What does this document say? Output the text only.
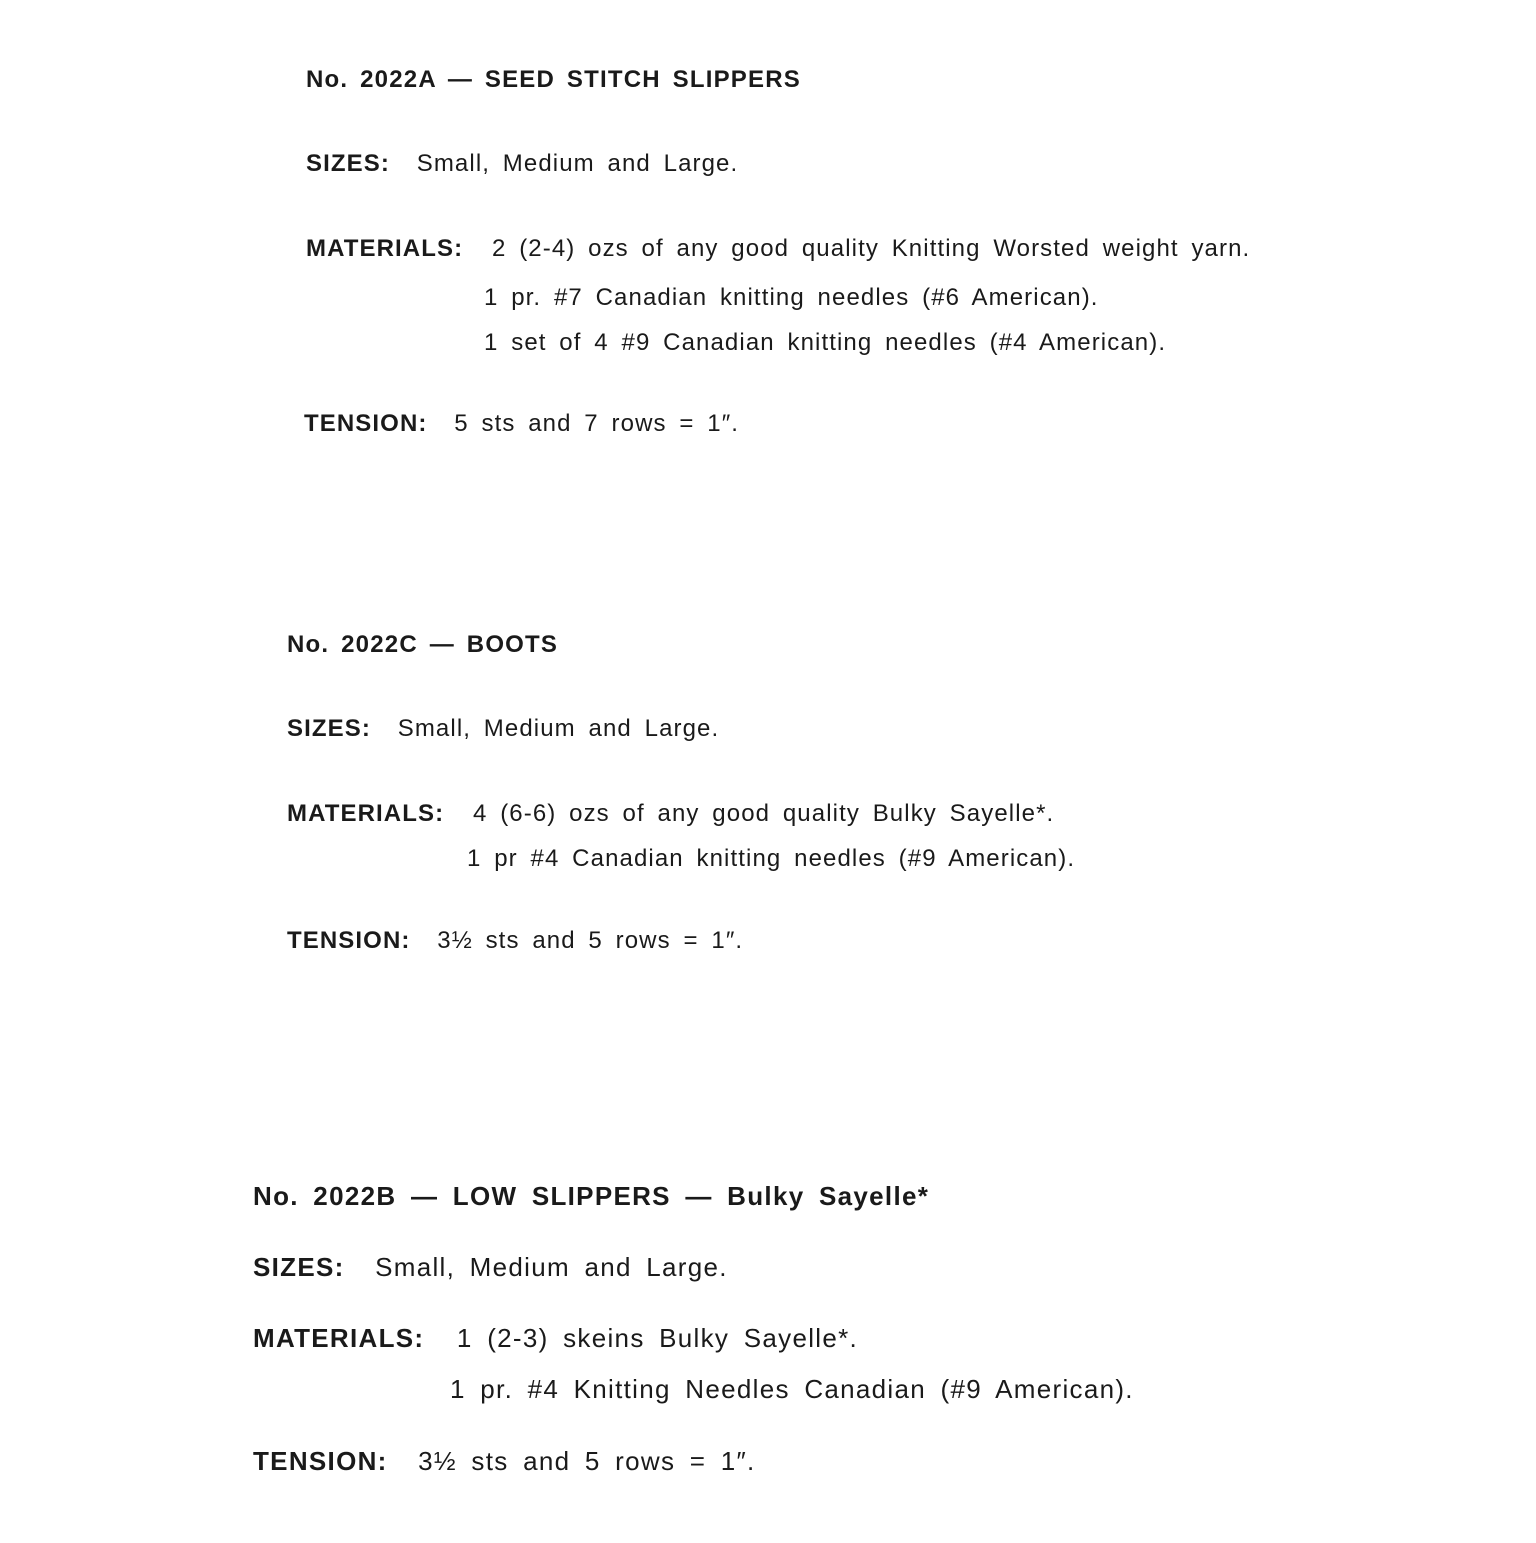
No. 2022A — SEED STITCH SLIPPERS
SIZES: Small, Medium and Large.
MATERIALS: 2 (2-4) ozs of any good quality Knitting Worsted weight yarn.
1 pr. #7 Canadian knitting needles (#6 American).
1 set of 4 #9 Canadian knitting needles (#4 American).
TENSION: 5 sts and 7 rows = 1″.
No. 2022C — BOOTS
SIZES: Small, Medium and Large.
MATERIALS: 4 (6-6) ozs of any good quality Bulky Sayelle*.
1 pr #4 Canadian knitting needles (#9 American).
TENSION: 3½ sts and 5 rows = 1″.
No. 2022B — LOW SLIPPERS — Bulky Sayelle*
SIZES: Small, Medium and Large.
MATERIALS: 1 (2-3) skeins Bulky Sayelle*.
1 pr. #4 Knitting Needles Canadian (#9 American).
TENSION: 3½ sts and 5 rows = 1″.
